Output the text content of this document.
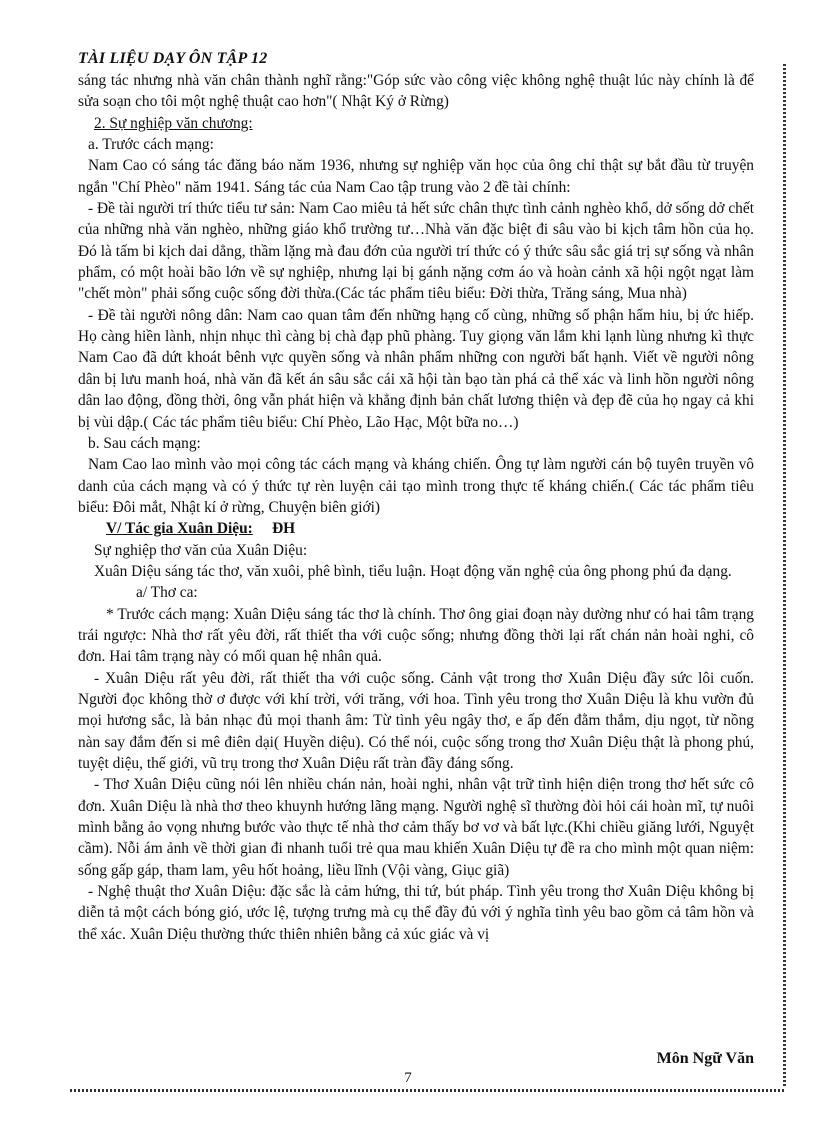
TÀI LIỆU DẠY ÔN TẬP 12

sáng tác nhưng nhà văn chân thành nghĩ rằng:"Góp sức vào công việc không nghệ thuật lúc này chính là để sửa soạn cho tôi một nghệ thuật cao hơn"( Nhật Ký ở Rừng)

2. Sự nghiệp văn chương:

a. Trước cách mạng:

Nam Cao có sáng tác đăng báo năm 1936, nhưng sự nghiệp văn học của ông chỉ thật sự bắt đầu từ truyện ngắn "Chí Phèo" năm 1941. Sáng tác của Nam Cao tập trung vào 2 đề tài chính:

- Đề tài người trí thức tiểu tư sản: Nam Cao miêu tả hết sức chân thực tình cảnh nghèo khổ, dở sống dở chết của những nhà văn nghèo, những giáo khổ trường tư…Nhà văn đặc biệt đi sâu vào bi kịch tâm hồn của họ. Đó là tấm bi kịch dai dẳng, thầm lặng mà đau đớn của người trí thức có ý thức sâu sắc giá trị sự sống và nhân phẩm, có một hoài bão lớn về sự nghiệp, nhưng lại bị gánh nặng cơm áo và hoàn cảnh xã hội ngột ngạt làm "chết mòn" phải sống cuộc sống đời thừa.(Các tác phẩm tiêu biểu: Đời thừa, Trăng sáng, Mua nhà)

- Đề tài người nông dân: Nam cao quan tâm đến những hạng cố cùng, những số phận hẩm hiu, bị ức hiếp. Họ càng hiền lành, nhịn nhục thì càng bị chà đạp phũ phàng. Tuy giọng văn lắm khi lạnh lùng nhưng kì thực Nam Cao đã dứt khoát bênh vực quyền sống và nhân phẩm những con người bất hạnh. Viết về người nông dân bị lưu manh hoá, nhà văn đã kết án sâu sắc cái xã hội tàn bạo tàn phá cả thể xác và linh hồn người nông dân lao động, đồng thời, ông vẫn phát hiện và khẳng định bản chất lương thiện và đẹp đẽ của họ ngay cả khi bị vùi dập.( Các tác phẩm tiêu biểu: Chí Phèo, Lão Hạc, Một bữa no…)

b. Sau cách mạng:

Nam Cao lao mình vào mọi công tác cách mạng và kháng chiến. Ông tự làm người cán bộ tuyên truyền vô danh của cách mạng và có ý thức tự rèn luyện cải tạo mình trong thực tế kháng chiến.( Các tác phẩm tiêu biểu: Đôi mắt, Nhật kí ở rừng, Chuyện biên giới)

V/ Tác gia Xuân Diệu: ĐH

Sự nghiệp thơ văn của Xuân Diệu:

Xuân Diệu sáng tác thơ, văn xuôi, phê bình, tiểu luận. Hoạt động văn nghệ của ông phong phú đa dạng.

a/ Thơ ca:

* Trước cách mạng: Xuân Diệu sáng tác thơ là chính. Thơ ông giai đoạn này dường như có hai tâm trạng trái ngược: Nhà thơ rất yêu đời, rất thiết tha với cuộc sống; nhưng đồng thời lại rất chán nản hoài nghi, cô đơn. Hai tâm trạng này có mối quan hệ nhân quả.

- Xuân Diệu rất yêu đời, rất thiết tha với cuộc sống. Cảnh vật trong thơ Xuân Diệu đầy sức lôi cuốn. Người đọc không thờ ơ được với khí trời, với trăng, với hoa. Tình yêu trong thơ Xuân Diệu là khu vườn đủ mọi hương sắc, là bản nhạc đủ mọi thanh âm: Từ tình yêu ngây thơ, e ấp đến đằm thắm, dịu ngọt, từ nồng nàn say đắm đến si mê điên dại( Huyền diệu). Có thể nói, cuộc sống trong thơ Xuân Diệu thật là phong phú, tuyệt diệu, thế giới, vũ trụ trong thơ Xuân Diệu rất tràn đầy đáng sống.

- Thơ Xuân Diệu cũng nói lên nhiều chán nản, hoài nghi, nhân vật trữ tình hiện diện trong thơ hết sức cô đơn. Xuân Diệu là nhà thơ theo khuynh hướng lãng mạng. Người nghệ sĩ thường đòi hỏi cái hoàn mĩ, tự nuôi mình bằng ảo vọng nhưng bước vào thực tế nhà thơ cảm thấy bơ vơ và bất lực.(Khi chiều giăng lưới, Nguyệt cầm). Nỗi ám ảnh về thời gian đi nhanh tuổi trẻ qua mau khiến Xuân Diệu tự đề ra cho mình một quan niệm: sống gấp gáp, tham lam, yêu hốt hoảng, liều lĩnh (Vội vàng, Giục giã)

- Nghệ thuật thơ Xuân Diệu: đặc sắc là cảm hứng, thi tứ, bút pháp. Tình yêu trong thơ Xuân Diệu không bị diễn tả một cách bóng gió, ước lệ, tượng trưng mà cụ thể đầy đủ với ý nghĩa tình yêu bao gồm cả tâm hồn và thể xác. Xuân Diệu thường thức thiên nhiên bằng cả xúc giác và vị

Môn Ngữ Văn
7
